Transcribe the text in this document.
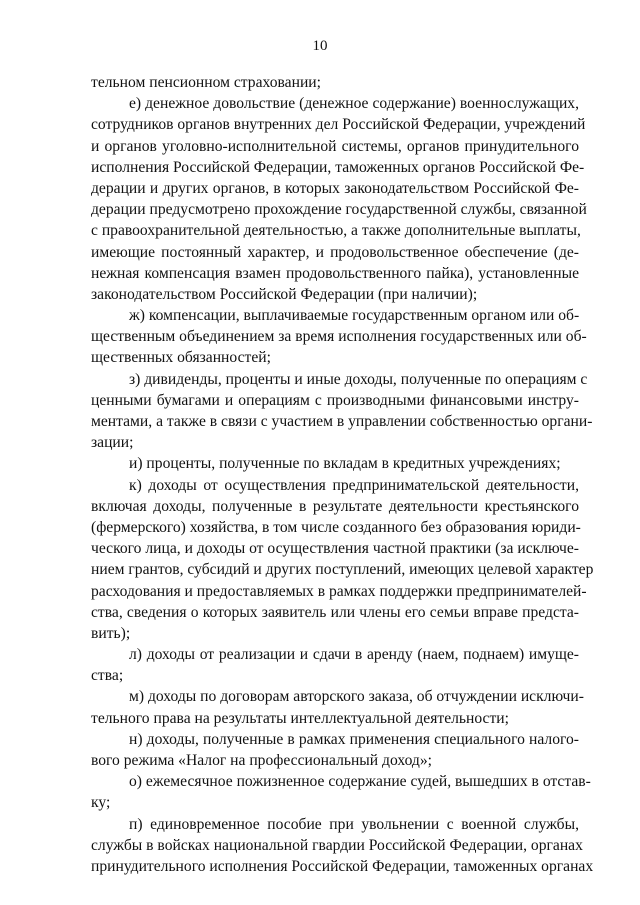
10
тельном пенсионном страховании;
е) денежное довольствие (денежное содержание) военнослужащих,
сотрудников органов внутренних дел Российской Федерации, учреждений
и органов уголовно-исполнительной системы, органов принудительного
исполнения Российской Федерации, таможенных органов Российской Фе-
дерации и других органов, в которых законодательством Российской Фе-
дерации предусмотрено прохождение государственной службы, связанной
с правоохранительной деятельностью, а также дополнительные выплаты,
имеющие постоянный характер, и продовольственное обеспечение (де-
нежная компенсация взамен продовольственного пайка), установленные
законодательством Российской Федерации (при наличии);
ж) компенсации, выплачиваемые государственным органом или об-
щественным объединением за время исполнения государственных или об-
щественных обязанностей;
з) дивиденды, проценты и иные доходы, полученные по операциям с
ценными бумагами и операциям с производными финансовыми инстру-
ментами, а также в связи с участием в управлении собственностью органи-
зации;
и) проценты, полученные по вкладам в кредитных учреждениях;
к) доходы от осуществления предпринимательской деятельности,
включая доходы, полученные в результате деятельности крестьянского
(фермерского) хозяйства, в том числе созданного без образования юриди-
ческого лица, и доходы от осуществления частной практики (за исключе-
нием грантов, субсидий и других поступлений, имеющих целевой характер
расходования и предоставляемых в рамках поддержки предпринимателей-
ства, сведения о которых заявитель или члены его семьи вправе предста-
вить);
л) доходы от реализации и сдачи в аренду (наем, поднаем) имуще-
ства;
м) доходы по договорам авторского заказа, об отчуждении исключи-
тельного права на результаты интеллектуальной деятельности;
н) доходы, полученные в рамках применения специального налого-
вого режима «Налог на профессиональный доход»;
о) ежемесячное пожизненное содержание судей, вышедших в отстав-
ку;
п) единовременное пособие при увольнении с военной службы,
службы в войсках национальной гвардии Российской Федерации, органах
принудительного исполнения Российской Федерации, таможенных органах
